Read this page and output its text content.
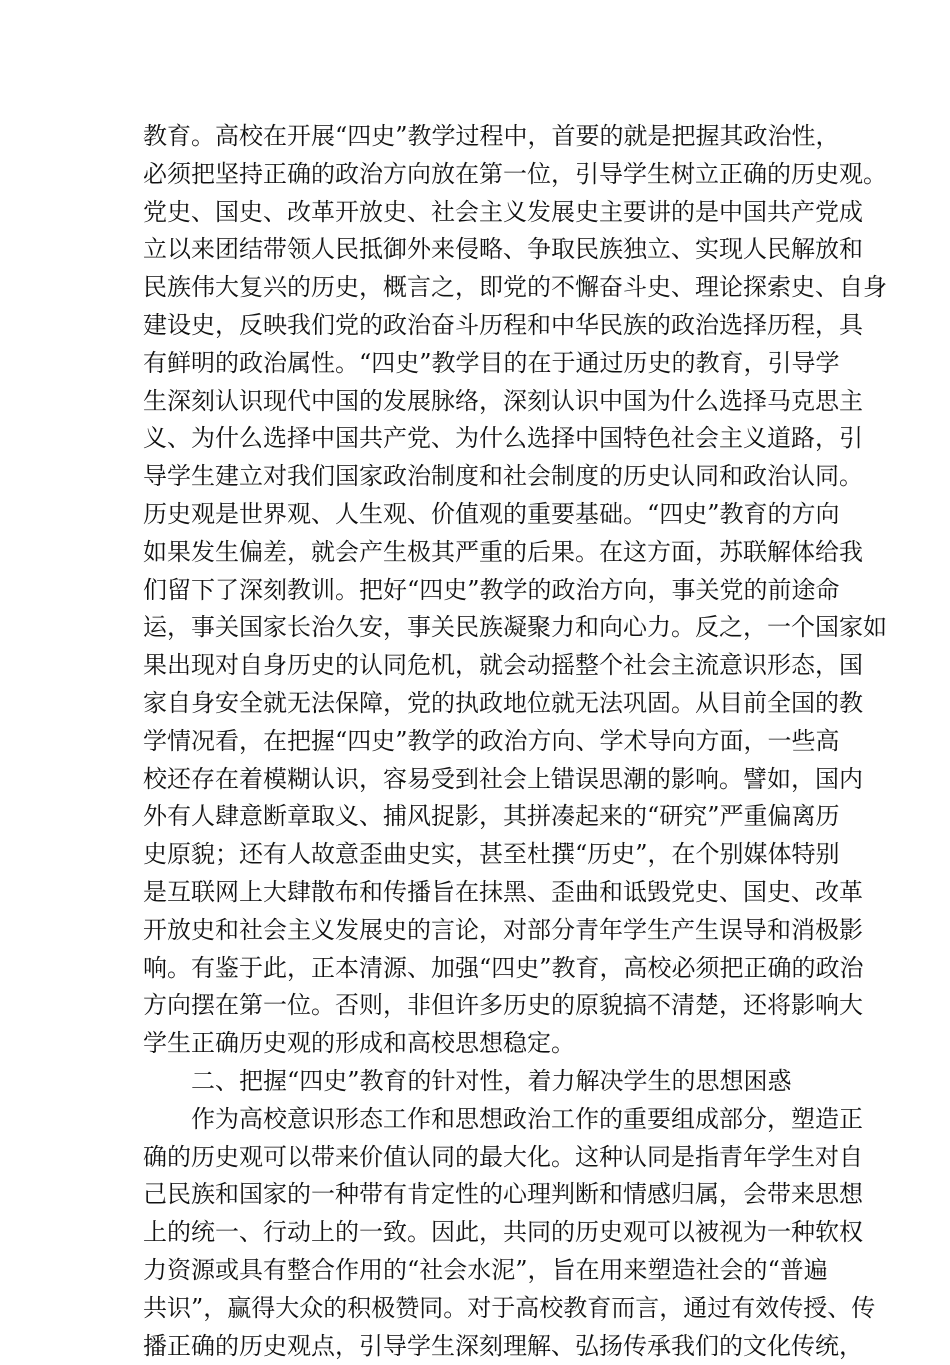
教育。高校在开展“四史”教学过程中，首要的就是把握其政治性，
必须把坚持正确的政治方向放在第一位，引导学生树立正确的历史观。
党史、国史、改革开放史、社会主义发展史主要讲的是中国共产党成
立以来团结带领人民抵御外来侵略、争取民族独立、实现人民解放和
民族伟大复兴的历史，概言之，即党的不懈奋斗史、理论探索史、自身
建设史，反映我们党的政治奋斗历程和中华民族的政治选择历程，具
有鲜明的政治属性。“四史”教学目的在于通过历史的教育，引导学
生深刻认识现代中国的发展脉络，深刻认识中国为什么选择马克思主
义、为什么选择中国共产党、为什么选择中国特色社会主义道路，引
导学生建立对我们国家政治制度和社会制度的历史认同和政治认同。
历史观是世界观、人生观、价值观的重要基础。“四史”教育的方向
如果发生偏差，就会产生极其严重的后果。在这方面，苏联解体给我
们留下了深刻教训。把好“四史”教学的政治方向，事关党的前途命
运，事关国家长治久安，事关民族凝聚力和向心力。反之，一个国家如
果出现对自身历史的认同危机，就会动摇整个社会主流意识形态，国
家自身安全就无法保障，党的执政地位就无法巩固。从目前全国的教
学情况看，在把握“四史”教学的政治方向、学术导向方面，一些高
校还存在着模糊认识，容易受到社会上错误思潮的影响。譬如，国内
外有人肆意断章取义、捕风捉影，其拼凑起来的“研究”严重偏离历
史原貌；还有人故意歪曲史实，甚至杜撰“历史”，在个别媒体特别
是互联网上大肆散布和传播旨在抹黑、歪曲和诋毁党史、国史、改革
开放史和社会主义发展史的言论，对部分青年学生产生误导和消极影
响。有鉴于此，正本清源、加强“四史”教育，高校必须把正确的政治
方向摆在第一位。否则，非但许多历史的原貌搞不清楚，还将影响大
学生正确历史观的形成和高校思想稳定。
二、把握“四史”教育的针对性，着力解决学生的思想困惑
作为高校意识形态工作和思想政治工作的重要组成部分，塑造正
确的历史观可以带来价值认同的最大化。这种认同是指青年学生对自
己民族和国家的一种带有肯定性的心理判断和情感归属，会带来思想
上的统一、行动上的一致。因此，共同的历史观可以被视为一种软权
力资源或具有整合作用的“社会水泥”，旨在用来塑造社会的“普遍
共识”，赢得大众的积极赞同。对于高校教育而言，通过有效传授、传
播正确的历史观点，引导学生深刻理解、弘扬传承我们的文化传统，
